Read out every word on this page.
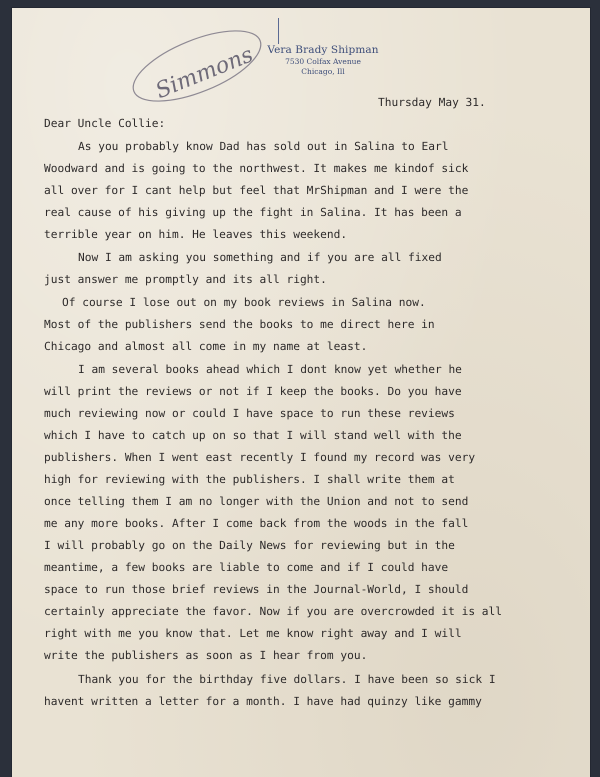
Simmons	Vera Brady Shipman
7530 Colfax Avenue
Chicago, Ill
Thursday May 31.
Dear Uncle Collie:
As you probably know Dad has sold out in Salina to Earl
Woodward and is going to the northwest. It makes me kindof sick
all over for I cant help but feel that MrShipman and I were the
real cause of his giving up the fight in Salina. It has been a
terrible year on him. He leaves this weekend.
Now I am asking you something and if you are all fixed
just answer me promptly and its all right.
Of course I lose out on my book reviews in Salina now.
Most of the publishers send the books to me direct here in
Chicago and almost all come in my name at least.
I am several books ahead which I dont know yet whether he
will print the reviews or not if I keep the books. Do you have
much reviewing now or could I have space to run these reviews
which I have to catch up on so that I will stand well with the
publishers. When I went east recently I found my record was very
high for reviewing with the publishers. I shall write them at
once telling them I am no longer with the Union and not to send
me any more books. After I come back from the woods in the fall
I will probably go on the Daily News for reviewing but in the
meantime, a few books are liable to come and if I could have
space to run those brief reviews in the Journal-World, I should
certainly appreciate the favor. Now if you are overcrowded it is all
right with me you know that. Let me know right away and I will
write the publishers as soon as I hear from you.
Thank you for the birthday five dollars. I have been so sick I
havent written a letter for a month. I have had quinzy like gammy
